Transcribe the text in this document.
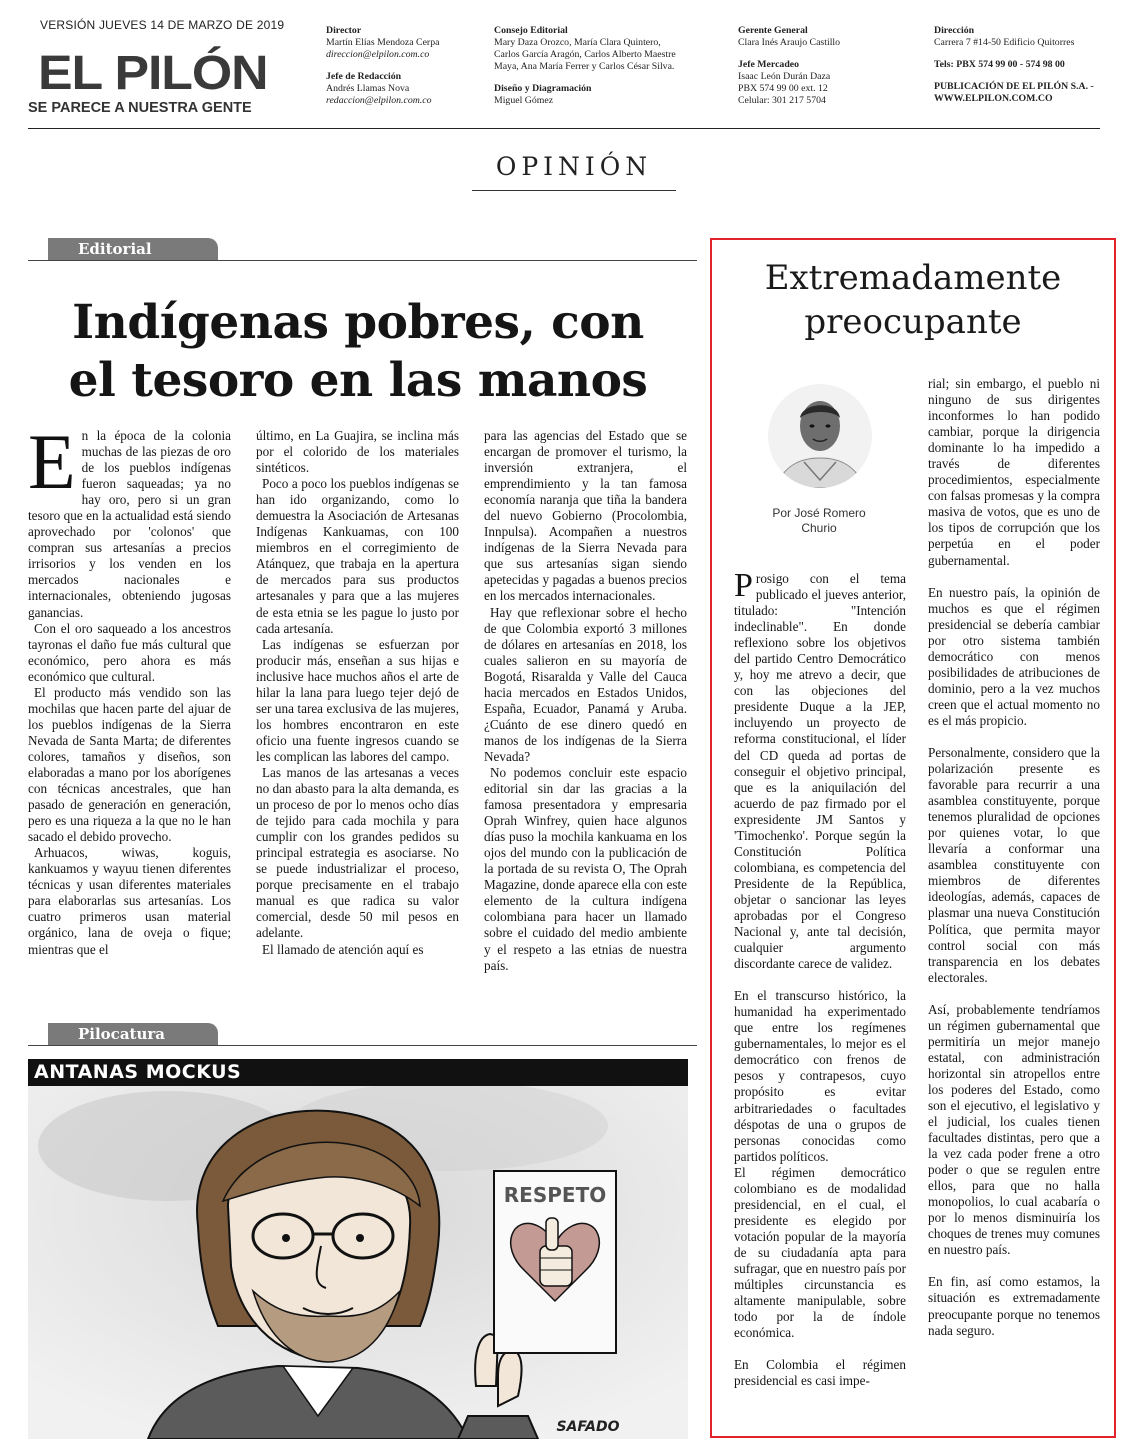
VERSIÓN JUEVES 14 DE MARZO DE 2019
EL PILÓN
SE PARECE A NUESTRA GENTE
Director
Martín Elías Mendoza Cerpa
direccion@elpilon.com.co
Jefe de Redacción
Andrés Llamas Nova
redaccion@elpilon.com.co
Consejo Editorial
Mary Daza Orozco, María Clara Quintero,
Carlos García Aragón, Carlos Alberto Maestre
Maya, Ana María Ferrer y Carlos César Silva.
Diseño y Diagramación
Miguel Gómez
Gerente General
Clara Inés Araujo Castillo
Jefe Mercadeo
Isaac León Durán Daza
PBX 574 99 00 ext. 12
Celular: 301 217 5704
Dirección
Carrera 7 #14-50 Edificio Quitorres
Tels: PBX 574 99 00 - 574 98 00
PUBLICACIÓN DE EL PILÓN S.A. -
WWW.ELPILON.COM.CO
OPINIÓN
Editorial
Indígenas pobres, con
el tesoro en las manos
E n la época de la colonia muchas de las piezas de oro de los pueblos indígenas fueron saqueadas; ya no hay oro, pero si un gran tesoro que en la actualidad está siendo aprovechado por 'colonos' que compran sus artesanías a precios irrisorios y los venden en los mercados nacionales e internacionales, obteniendo jugosas ganancias.

Con el oro saqueado a los ancestros tayronas el daño fue más cultural que económico, pero ahora es más económico que cultural.

El producto más vendido son las mochilas que hacen parte del ajuar de los pueblos indígenas de la Sierra Nevada de Santa Marta; de diferentes colores, tamaños y diseños, son elaboradas a mano por los aborígenes con técnicas ancestrales, que han pasado de generación en generación, pero es una riqueza a la que no le han sacado el debido provecho.

Arhuacos, wiwas, koguis, kankuamos y wayuu tienen diferentes técnicas y usan diferentes materiales para elaborarlas sus artesanías. Los cuatro primeros usan material orgánico, lana de oveja o fique; mientras que el

último, en La Guajira, se inclina más por el colorido de los materiales sintéticos.

Poco a poco los pueblos indígenas se han ido organizando, como lo demuestra la Asociación de Artesanas Indígenas Kankuamas, con 100 miembros en el corregimiento de Atánquez, que trabaja en la apertura de mercados para sus productos artesanales y para que a las mujeres de esta etnia se les pague lo justo por cada artesanía.

Las indígenas se esfuerzan por producir más, enseñan a sus hijas e inclusive hace muchos años el arte de hilar la lana para luego tejer dejó de ser una tarea exclusiva de las mujeres, los hombres encontraron en este oficio una fuente ingresos cuando se les complican las labores del campo.

Las manos de las artesanas a veces no dan abasto para la alta demanda, es un proceso de por lo menos ocho días de tejido para cada mochila y para cumplir con los grandes pedidos su principal estrategia es asociarse. No se puede industrializar el proceso, porque precisamente en el trabajo manual es que radica su valor comercial, desde 50 mil pesos en adelante.

El llamado de atención aquí es

para las agencias del Estado que se encargan de promover el turismo, la inversión extranjera, el emprendimiento y la tan famosa economía naranja que tiña la bandera del nuevo Gobierno (Procolombia, Innpulsa). Acompañen a nuestros indígenas de la Sierra Nevada para que sus artesanías sigan siendo apetecidas y pagadas a buenos precios en los mercados internacionales.

Hay que reflexionar sobre el hecho de que Colombia exportó 3 millones de dólares en artesanías en 2018, los cuales salieron en su mayoría de Bogotá, Risaralda y Valle del Cauca hacia mercados en Estados Unidos, España, Ecuador, Panamá y Aruba. ¿Cuánto de ese dinero quedó en manos de los indígenas de la Sierra Nevada?

No podemos concluir este espacio editorial sin dar las gracias a la famosa presentadora y empresaria Oprah Winfrey, quien hace algunos días puso la mochila kankuama en los ojos del mundo con la publicación de la portada de su revista O, The Oprah Magazine, donde aparece ella con este elemento de la cultura indígena colombiana para hacer un llamado sobre el cuidado del medio ambiente y el respeto a las etnias de nuestra país.

Pilocatura
ANTANAS MOCKUS
RESPETO
SAFADO
Extremadamente
preocupante
Por José Romero
Churio

Prosigo con el tema publicado el jueves anterior, titulado: "Intención indeclinable". En donde reflexiono sobre los objetivos del partido Centro Democrático y, hoy me atrevo a decir, que con las objeciones del presidente Duque a la JEP, incluyendo un proyecto de reforma constitucional, el líder del CD queda ad portas de conseguir el objetivo principal, que es la aniquilación del acuerdo de paz firmado por el expresidente JM Santos y 'Timochenko'. Porque según la Constitución Política colombiana, es competencia del Presidente de la República, objetar o sancionar las leyes aprobadas por el Congreso Nacional y, ante tal decisión, cualquier argumento discordante carece de validez.

En el transcurso histórico, la humanidad ha experimentado que entre los regímenes gubernamentales, lo mejor es el democrático con frenos de pesos y contrapesos, cuyo propósito es evitar arbitrariedades o facultades déspotas de una o grupos de personas conocidas como partidos políticos.

El régimen democrático colombiano es de modalidad presidencial, en el cual, el presidente es elegido por votación popular de la mayoría de su ciudadanía apta para sufragar, que en nuestro país por múltiples circunstancia es altamente manipulable, sobre todo por la de índole económica.

En Colombia el régimen presidencial es casi impe-

rial; sin embargo, el pueblo ni ninguno de sus dirigentes inconformes lo han podido cambiar, porque la dirigencia dominante lo ha impedido a través de diferentes procedimientos, especialmente con falsas promesas y la compra masiva de votos, que es uno de los tipos de corrupción que los perpetúa en el poder gubernamental.

En nuestro país, la opinión de muchos es que el régimen presidencial se debería cambiar por otro sistema también democrático con menos posibilidades de atribuciones de dominio, pero a la vez muchos creen que el actual momento no es el más propicio.

Personalmente, considero que la polarización presente es favorable para recurrir a una asamblea constituyente, porque tenemos pluralidad de opciones por quienes votar, lo que llevaría a conformar una asamblea constituyente con miembros de diferentes ideologías, además, capaces de plasmar una nueva Constitución Política, que permita mayor control social con más transparencia en los debates electorales.

Así, probablemente tendríamos un régimen gubernamental que permitiría un mejor manejo estatal, con administración horizontal sin atropellos entre los poderes del Estado, como son el ejecutivo, el legislativo y el judicial, los cuales tienen facultades distintas, pero que a la vez cada poder frene a otro poder o que se regulen entre ellos, para que no halla monopolios, lo cual acabaría o por lo menos disminuiría los choques de trenes muy comunes en nuestro país.

En fin, así como estamos, la situación es extremadamente preocupante porque no tenemos nada seguro.
